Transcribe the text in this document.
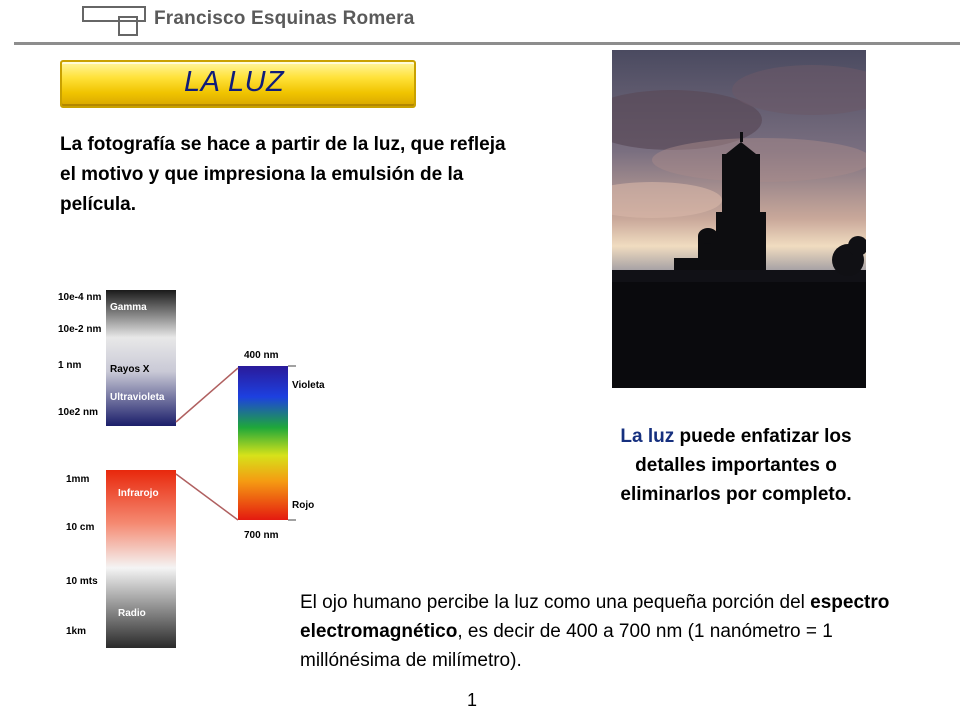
Francisco Esquinas Romera
LA LUZ
La fotografía se hace a partir de la luz, que refleja el motivo y que impresiona la emulsión de la película.
La luz puede enfatizar los detalles importantes o eliminarlos por completo.
10e-4 nm
10e-2 nm
1 nm
10e2 nm
1mm
10 cm
10 mts
1km
Gamma
Rayos X
Ultravioleta
Infrarojo
Radio
400 nm
700 nm
Violeta
Rojo
El ojo humano percibe la luz como una pequeña porción del espectro electromagnético, es decir de 400 a 700 nm (1 nanómetro = 1 millónésima de milímetro).
1
